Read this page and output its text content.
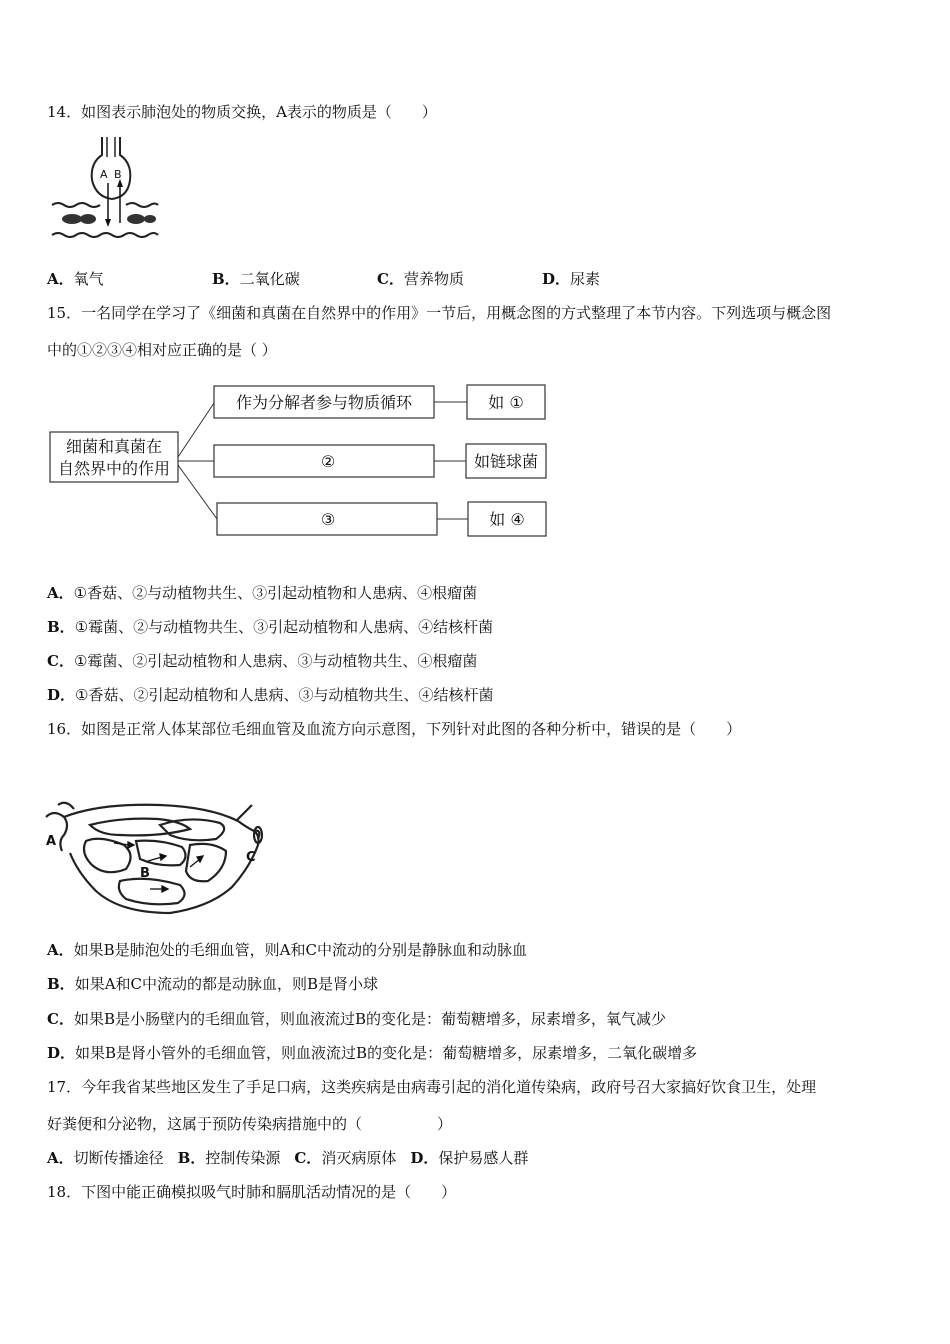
14．如图表示肺泡处的物质交换，A表示的物质是（　　）
A B
A．氧气	B．二氧化碳	C．营养物质	D．尿素
15．一名同学在学习了《细菌和真菌在自然界中的作用》一节后，用概念图的方式整理了本节内容。下列选项与概念图
中的①②③④相对应正确的是（ ）
细菌和真菌在
自然界中的作用
作为分解者参与物质循环
②
③
如 ①
如链球菌
如 ④
A．①香菇、②与动植物共生、③引起动植物和人患病、④根瘤菌
B．①霉菌、②与动植物共生、③引起动植物和人患病、④结核杆菌
C．①霉菌、②引起动植物和人患病、③与动植物共生、④根瘤菌
D．①香菇、②引起动植物和人患病、③与动植物共生、④结核杆菌
16．如图是正常人体某部位毛细血管及血流方向示意图，下列针对此图的各种分析中，错误的是（　　）
A
B
C
A．如果B是肺泡处的毛细血管，则A和C中流动的分别是静脉血和动脉血
B．如果A和C中流动的都是动脉血，则B是肾小球
C．如果B是小肠壁内的毛细血管，则血液流过B的变化是：葡萄糖增多，尿素增多，氧气减少
D．如果B是肾小管外的毛细血管，则血液流过B的变化是：葡萄糖增多，尿素增多，二氧化碳增多
17．今年我省某些地区发生了手足口病，这类疾病是由病毒引起的消化道传染病，政府号召大家搞好饮食卫生，处理
好粪便和分泌物，这属于预防传染病措施中的（　　　　　）
A．切断传播途径 B．控制传染源 C．消灭病原体 D．保护易感人群
18．下图中能正确模拟吸气时肺和膈肌活动情况的是（　　）
